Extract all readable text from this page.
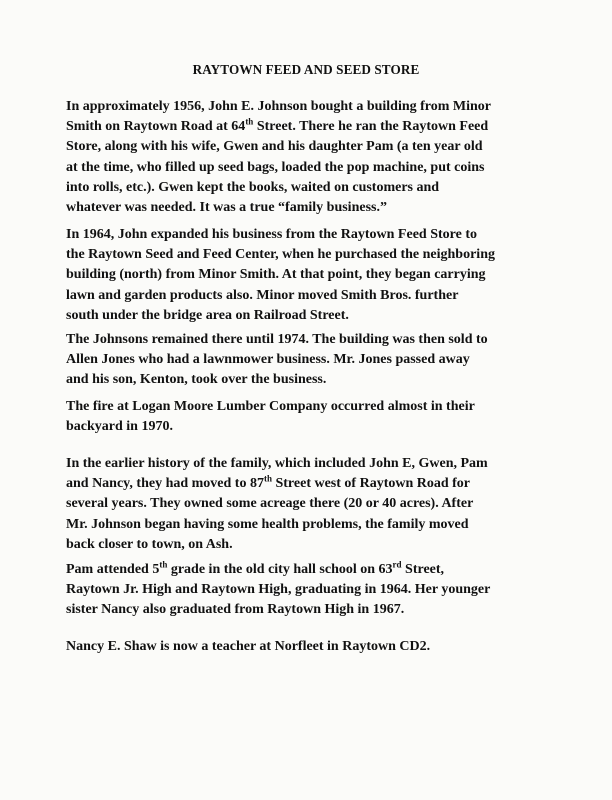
RAYTOWN FEED AND SEED STORE
In approximately 1956, John E. Johnson bought a building from Minor
Smith on Raytown Road at 64th Street. There he ran the Raytown Feed
Store, along with his wife, Gwen and his daughter Pam (a ten year old
at the time, who filled up seed bags, loaded the pop machine, put coins
into rolls, etc.). Gwen kept the books, waited on customers and
whatever was needed. It was a true “family business.”
In 1964, John expanded his business from the Raytown Feed Store to
the Raytown Seed and Feed Center, when he purchased the neighboring
building (north) from Minor Smith. At that point, they began carrying
lawn and garden products also. Minor moved Smith Bros. further
south under the bridge area on Railroad Street.
The Johnsons remained there until 1974. The building was then sold to
Allen Jones who had a lawnmower business. Mr. Jones passed away
and his son, Kenton, took over the business.
The fire at Logan Moore Lumber Company occurred almost in their
backyard in 1970.
In the earlier history of the family, which included John E, Gwen, Pam
and Nancy, they had moved to 87th Street west of Raytown Road for
several years. They owned some acreage there (20 or 40 acres). After
Mr. Johnson began having some health problems, the family moved
back closer to town, on Ash.
Pam attended 5th grade in the old city hall school on 63rd Street,
Raytown Jr. High and Raytown High, graduating in 1964. Her younger
sister Nancy also graduated from Raytown High in 1967.
Nancy E. Shaw is now a teacher at Norfleet in Raytown CD2.
